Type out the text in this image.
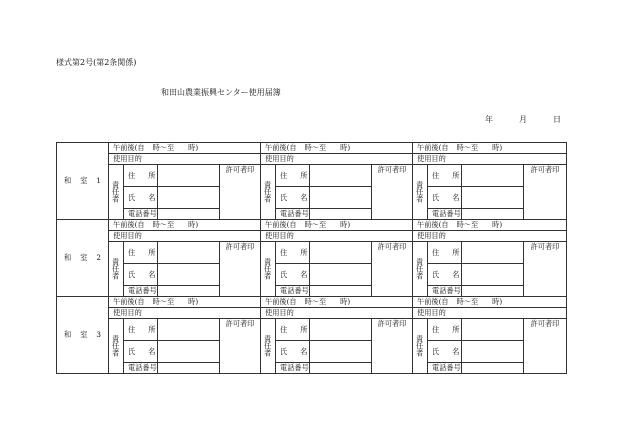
様式第2号(第2条関係)
和田山農業振興センター使用届簿
年	月	日
和 室 1	午前後(自 時〜至 時)				午前後(自 時〜至 時)				午前後(自 時〜至 時)			

	使用目的				使用目的				使用目的			
	責任者	住 所		許可者印	責任者	住 所		許可者印	責任者	住 所		許可者印

		氏 名				氏 名				氏 名		

		電話番号				電話番号				電話番号		

和 室 2	午前後(自 時〜至 時)				午前後(自 時〜至 時)				午前後(自 時〜至 時)			

	使用目的				使用目的				使用目的			
	責任者	住 所		許可者印	責任者	住 所		許可者印	責任者	住 所		許可者印

		氏 名				氏 名				氏 名		

		電話番号				電話番号				電話番号		

和 室 3	午前後(自 時〜至 時)				午前後(自 時〜至 時)				午前後(自 時〜至 時)			

	使用目的				使用目的				使用目的			
	責任者	住 所		許可者印	責任者	住 所		許可者印	責任者	住 所		許可者印

		氏 名				氏 名				氏 名		

		電話番号				電話番号				電話番号		
